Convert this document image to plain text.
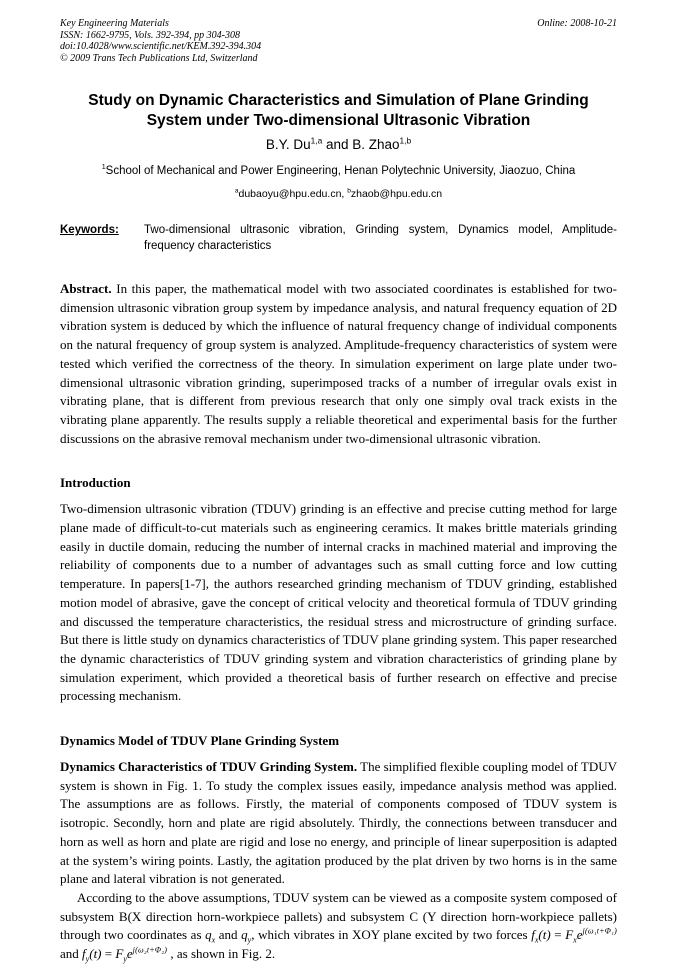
Key Engineering Materials
ISSN: 1662-9795, Vols. 392-394, pp 304-308
doi:10.4028/www.scientific.net/KEM.392-394.304
© 2009 Trans Tech Publications Ltd, Switzerland
Online: 2008-10-21
Study on Dynamic Characteristics and Simulation of Plane Grinding System under Two-dimensional Ultrasonic Vibration
B.Y. Du$^{1,a}$ and B. Zhao$^{1,b}$
$^1$School of Mechanical and Power Engineering, Henan Polytechnic University, Jiaozuo, China
$^a$dubaoyu@hpu.edu.cn, $^b$zhaob@hpu.edu.cn
Keywords:	Two-dimensional ultrasonic vibration, Grinding system, Dynamics model, Amplitude-frequency characteristics
Abstract. In this paper, the mathematical model with two associated coordinates is established for two-dimension ultrasonic vibration group system by impedance analysis, and natural frequency equation of 2D vibration system is deduced by which the influence of natural frequency change of individual components on the natural frequency of group system is analyzed. Amplitude-frequency characteristics of system were tested which verified the correctness of the theory. In simulation experiment on large plate under two-dimensional ultrasonic vibration grinding, superimposed tracks of a number of irregular ovals exist in vibrating plane, that is different from previous research that only one simply oval track exists in the vibrating plane apparently. The results supply a reliable theoretical and experimental basis for the further discussions on the abrasive removal mechanism under two-dimensional ultrasonic vibration.
Introduction
Two-dimension ultrasonic vibration (TDUV) grinding is an effective and precise cutting method for large plane made of difficult-to-cut materials such as engineering ceramics. It makes brittle materials grinding easily in ductile domain, reducing the number of internal cracks in machined material and improving the reliability of components due to a number of advantages such as small cutting force and low cutting temperature. In papers[1-7], the authors researched grinding mechanism of TDUV grinding, established motion model of abrasive, gave the concept of critical velocity and theoretical formula of TDUV grinding and discussed the temperature characteristics, the residual stress and microstructure of grinding surface. But there is little study on dynamics characteristics of TDUV plane grinding system. This paper researched the dynamic characteristics of TDUV grinding system and vibration characteristics of grinding plane by simulation experiment, which provided a theoretical basis of further research on effective and precise processing mechanism.
Dynamics Model of TDUV Plane Grinding System
Dynamics Characteristics of TDUV Grinding System. The simplified flexible coupling model of TDUV system is shown in Fig. 1. To study the complex issues easily, impedance analysis method was applied. The assumptions are as follows. Firstly, the material of components composed of TDUV system is isotropic. Secondly, horn and plate are rigid absolutely. Thirdly, the connections between transducer and horn as well as horn and plate are rigid and lose no energy, and principle of linear superposition is adapted at the system’s wiring points. Lastly, the agitation produced by the plat driven by two horns is in the same plane and lateral vibration is not generated.
According to the above assumptions, TDUV system can be viewed as a composite system composed of subsystem B(X direction horn-workpiece pallets) and subsystem C (Y direction horn-workpiece pallets) through two coordinates as $q_x$ and $q_y$, which vibrates in XOY plane excited by two forces $f_x(t) = F_xe^{j(\omega_1t+\Phi_1)}$ and $f_y(t) = F_ye^{j(\omega_2t+\Phi_2)}$ , as shown in Fig. 2.
